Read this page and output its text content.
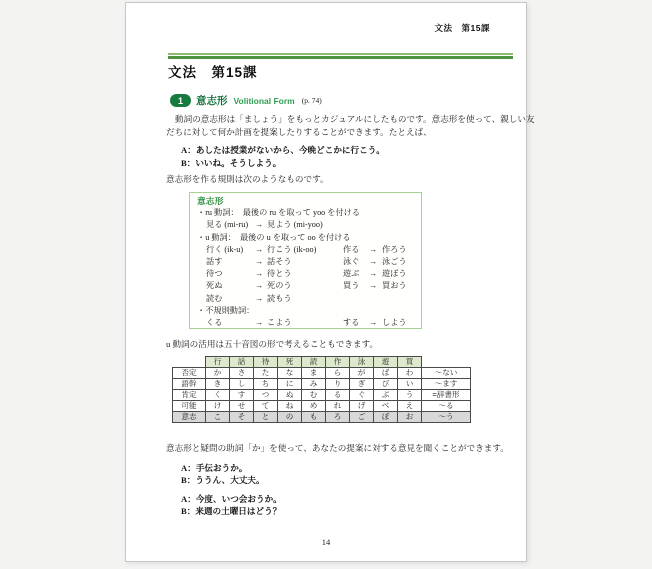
文法　第15課
文法　第15課
1	意志形 Volitional Form (p. 74)
動詞の意志形は「ましょう」をもっとカジュアルにしたものです。意志形を使って、親しい友
だちに対して何か計画を提案したりすることができます。たとえば、
A：あしたは授業がないから、今晩どこかに行こう。
B：いいね。そうしよう。
意志形を作る規則は次のようなものです。
意志形
・ru 動詞：　最後の ru を取って yoo を付ける
見る (mi-ru) → 見よう (mi-yoo)
・u 動詞：　最後の u を取って oo を付ける
行く (ik-u)	→ 行こう (ik-oo)	作る	→ 作ろう
話す	→ 話そう	泳ぐ	→ 泳ごう
待つ	→ 待とう	遊ぶ	→ 遊ぼう
死ぬ	→ 死のう	買う	→ 買おう
読む	→ 読もう
・不規則動詞：
くる	→ こよう	する	→ しよう
u 動詞の活用は五十音図の形で考えることもできます。
	行	話	待	死	読	作	泳	遊	買	
否定	か	さ	た	な	ま	ら	が	ば	わ	〜ない
語幹	き	し	ち	に	み	り	ぎ	び	い	〜ます
肯定	く	す	つ	ぬ	む	る	ぐ	ぶ	う	=辞書形
可能	け	せ	て	ね	め	れ	げ	べ	え	〜る
意志	こ	そ	と	の	も	ろ	ご	ぼ	お	〜う
意志形と疑問の助詞「か」を使って、あなたの提案に対する意見を聞くことができます。
A：手伝おうか。
B：ううん、大丈夫。
A：今度、いつ会おうか。
B：来週の土曜日はどう？
14
